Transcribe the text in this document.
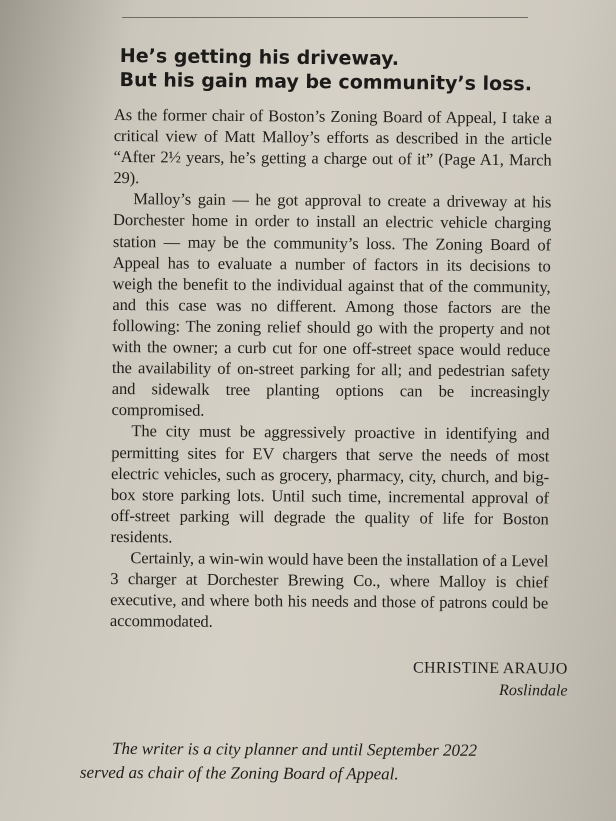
He’s getting his driveway.
But his gain may be community’s loss.

As the former chair of Boston’s Zoning Board of Appeal, I take a critical view of Matt Malloy’s efforts as described in the article “After 2½ years, he’s getting a charge out of it” (Page A1, March 29).

Malloy’s gain — he got approval to create a driveway at his Dorchester home in order to install an electric vehicle charging station — may be the community’s loss. The Zoning Board of Appeal has to evaluate a number of factors in its decisions to weigh the benefit to the individual against that of the community, and this case was no different. Among those factors are the following: The zoning relief should go with the property and not with the owner; a curb cut for one off-street space would reduce the availability of on-street parking for all; and pedestrian safety and sidewalk tree planting options can be increasingly compromised.

The city must be aggressively proactive in identifying and permitting sites for EV chargers that serve the needs of most electric vehicles, such as grocery, pharmacy, city, church, and big-box store parking lots. Until such time, incremental approval of off-street parking will degrade the quality of life for Boston residents.

Certainly, a win-win would have been the installation of a Level 3 charger at Dorchester Brewing Co., where Malloy is chief executive, and where both his needs and those of patrons could be accommodated.

CHRISTINE ARAUJO
Roslindale
The writer is a city planner and until September 2022
served as chair of the Zoning Board of Appeal.
